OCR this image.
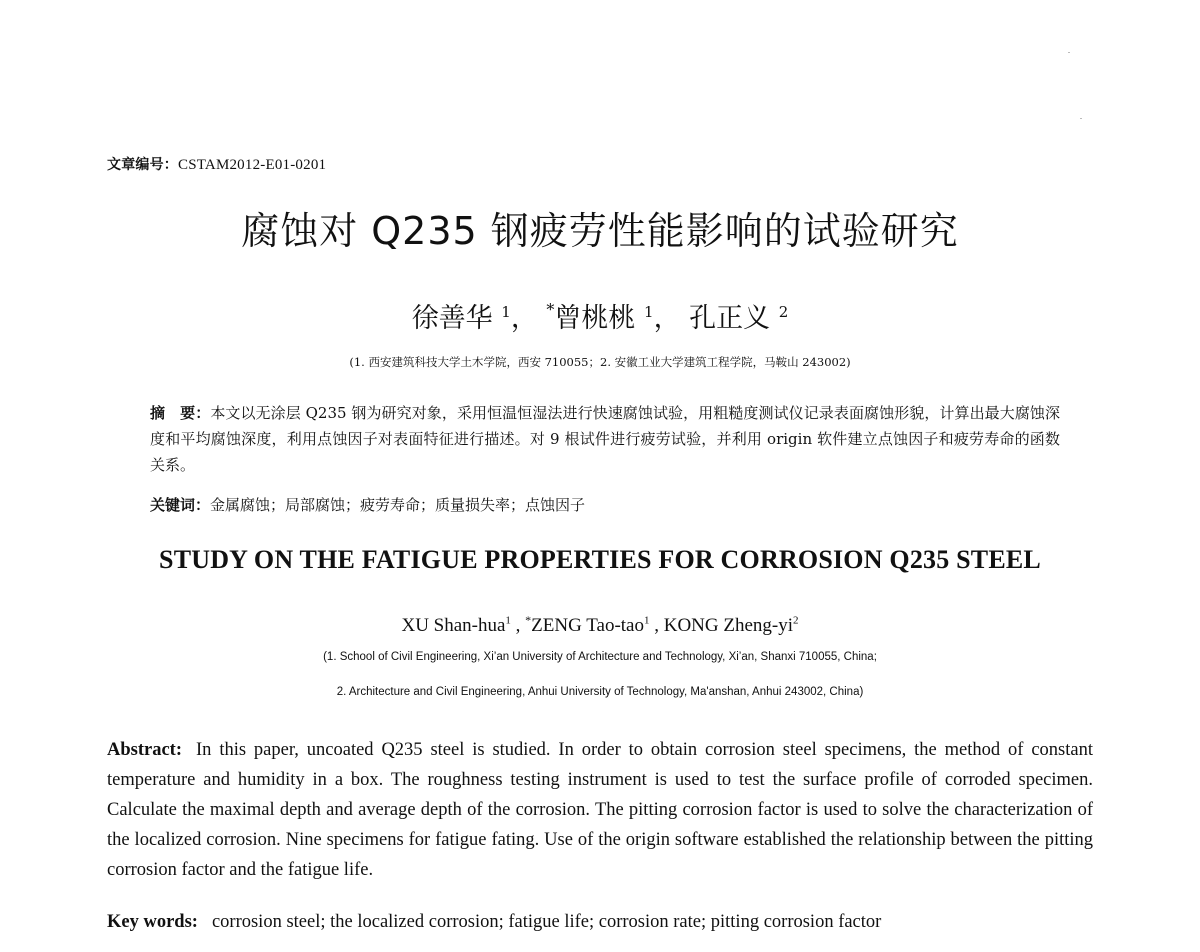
文章编号：CSTAM2012-E01-0201
腐蚀对 Q235 钢疲劳性能影响的试验研究
徐善华 $^1$， *曾桃桃 $^1$， 孔正义 $^2$
(1. 西安建筑科技大学土木学院，西安 710055；2. 安徽工业大学建筑工程学院，马鞍山 243002)
摘　要：本文以无涂层 Q235 钢为研究对象，采用恒温恒湿法进行快速腐蚀试验，用粗糙度测试仪记录表面腐蚀形貌，计算出最大腐蚀深度和平均腐蚀深度，利用点蚀因子对表面特征进行描述。对 9 根试件进行疲劳试验，并利用 origin 软件建立点蚀因子和疲劳寿命的函数关系。
关键词：金属腐蚀；局部腐蚀；疲劳寿命；质量损失率；点蚀因子
STUDY ON THE FATIGUE PROPERTIES FOR CORROSION Q235 STEEL
XU Shan-hua$^1$ , *ZENG Tao-tao$^1$ , KONG Zheng-$yi^2$
(1. School of Civil Engineering, Xi’an University of Architecture and Technology, Xi’an, Shanxi 710055, China;
2. Architecture and Civil Engineering, Anhui University of Technology, Ma'anshan, Anhui 243002, China)
Abstract: In this paper, uncoated Q235 steel is studied. In order to obtain corrosion steel specimens, the method of constant temperature and humidity in a box. The roughness testing instrument is used to test the surface profile of corroded specimen. Calculate the maximal depth and average depth of the corrosion. The pitting corrosion factor is used to solve the characterization of the localized corrosion. Nine specimens for fatigue fating. Use of the origin software established the relationship between the pitting corrosion factor and the fatigue life.
Key words: corrosion steel; the localized corrosion; fatigue life; corrosion rate; pitting corrosion factor
